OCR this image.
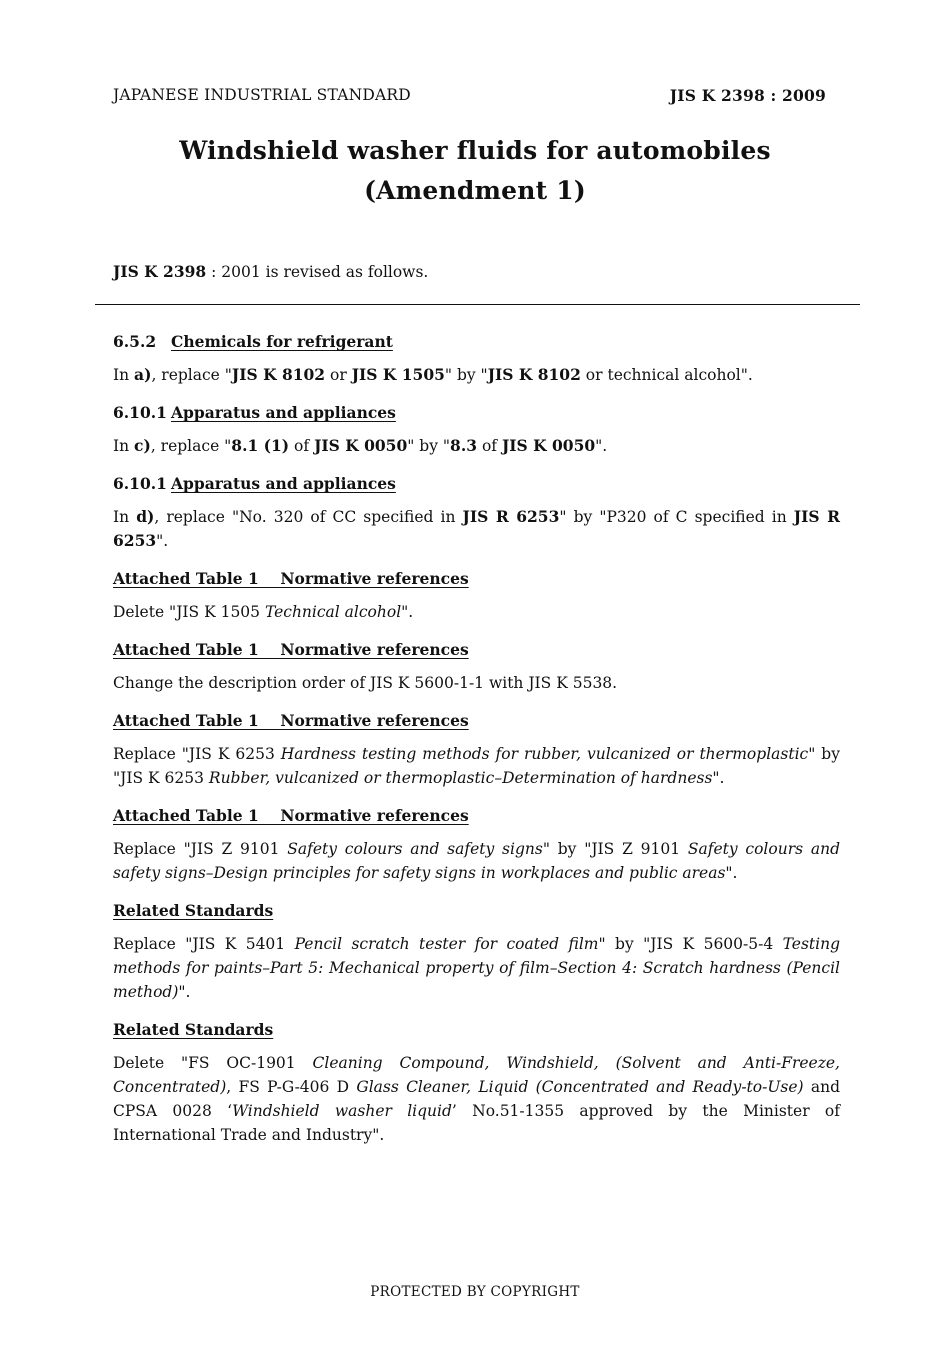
JAPANESE INDUSTRIAL STANDARD	JIS K 2398 : 2009
Windshield washer fluids for automobiles
(Amendment 1)
JIS K 2398 : 2001 is revised as follows.
6.5.2 Chemicals for refrigerant

In a), replace "JIS K 8102 or JIS K 1505" by "JIS K 8102 or technical alcohol".

6.10.1 Apparatus and appliances

In c), replace "8.1 (1) of JIS K 0050" by "8.3 of JIS K 0050".

6.10.1 Apparatus and appliances

In d), replace "No. 320 of CC specified in JIS R 6253" by "P320 of C specified in JIS R 6253".

Attached Table 1    Normative references

Delete "JIS K 1505 Technical alcohol".

Attached Table 1    Normative references

Change the description order of JIS K 5600-1-1 with JIS K 5538.

Attached Table 1    Normative references

Replace "JIS K 6253 Hardness testing methods for rubber, vulcanized or thermoplastic" by "JIS K 6253 Rubber, vulcanized or thermoplastic–Determination of hardness".

Attached Table 1    Normative references

Replace "JIS Z 9101 Safety colours and safety signs" by "JIS Z 9101 Safety colours and safety signs–Design principles for safety signs in workplaces and public areas".

Related Standards

Replace "JIS K 5401 Pencil scratch tester for coated film" by "JIS K 5600-5-4 Testing methods for paints–Part 5: Mechanical property of film–Section 4: Scratch hardness (Pencil method)".

Related Standards

Delete "FS OC-1901 Cleaning Compound, Windshield, (Solvent and Anti-Freeze, Concentrated), FS P-G-406 D Glass Cleaner, Liquid (Concentrated and Ready-to-Use) and CPSA 0028 ‘Windshield washer liquid’ No.51-1355 approved by the Minister of International Trade and Industry".

PROTECTED BY COPYRIGHT
